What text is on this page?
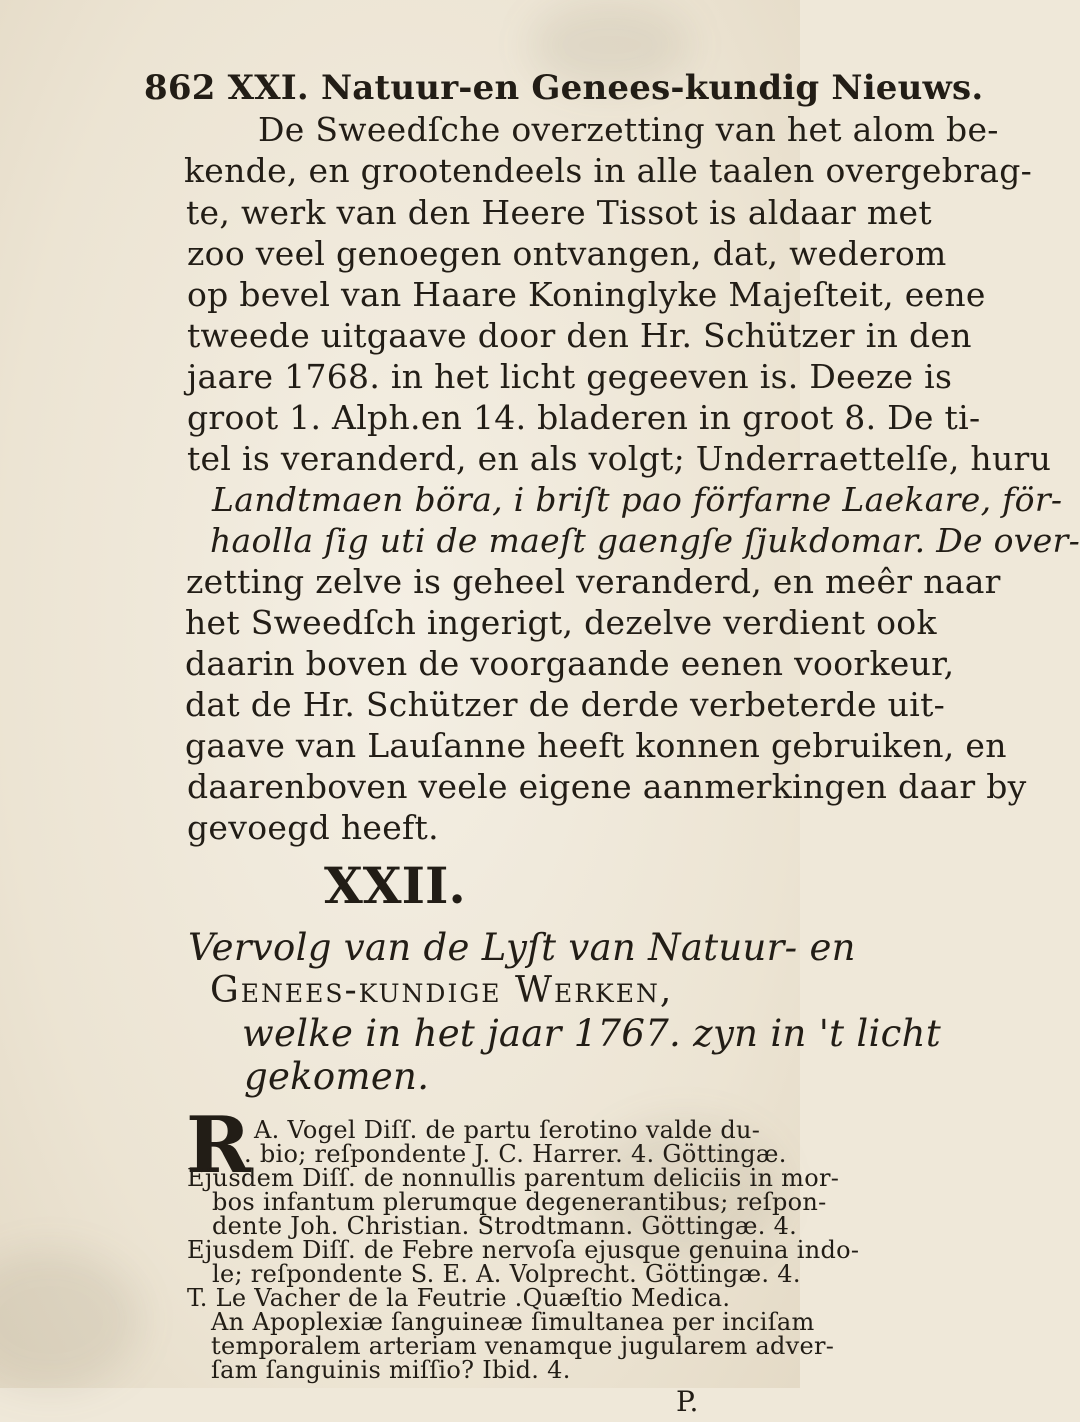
862 XXI. Natuur-en Genees-kundig Nieuws.
De Sweedſche overzetting van het alom be-
kende, en grootendeels in alle taalen overgebrag-
te, werk van den Heere Tissot is aldaar met
zoo veel genoegen ontvangen, dat, wederom
op bevel van Haare Koninglyke Majeſteit, eene
tweede uitgaave door den Hr. Schützer in den
jaare 1768. in het licht gegeeven is. Deeze is
groot 1. Alph.en 14. bladeren in groot 8. De ti-
tel is veranderd, en als volgt; Underraettelſe, huru
Landtmaen böra, i briſt pao förfarne Laekare, för-
haolla ſig uti de maeſt gaengſe ſjukdomar. De over-
zetting zelve is geheel veranderd, en meêr naar
het Sweedſch ingerigt, dezelve verdient ook
daarin boven de voorgaande eenen voorkeur,
dat de Hr. Schützer de derde verbeterde uit-
gaave van Lauſanne heeft konnen gebruiken, en
daarenboven veele eigene aanmerkingen daar by
gevoegd heeft.
XXII.
Vervolg van de Lyſt van Natuur- en
Genees-kundige Werken,
welke in het jaar 1767. zyn in 't licht
gekomen.
R A. Vogel Diſſ. de partu ſerotino valde du-
. bio; reſpondente J. C. Harrer. 4. Göttingæ.
Ejusdem Diſſ. de nonnullis parentum deliciis in mor-
bos infantum plerumque degenerantibus; reſpon-
dente Joh. Christian. Strodtmann. Göttingæ. 4.
Ejusdem Diſſ. de Febre nervoſa ejusque genuina indo-
le; reſpondente S. E. A. Volprecht. Göttingæ. 4.
T. Le Vacher de la Feutrie .Quæſtio Medica.
An Apoplexiæ ſanguineæ ſimultanea per inciſam
temporalem arteriam venamque jugularem adver-
ſam ſanguinis miſſio? Ibid. 4.
P.
